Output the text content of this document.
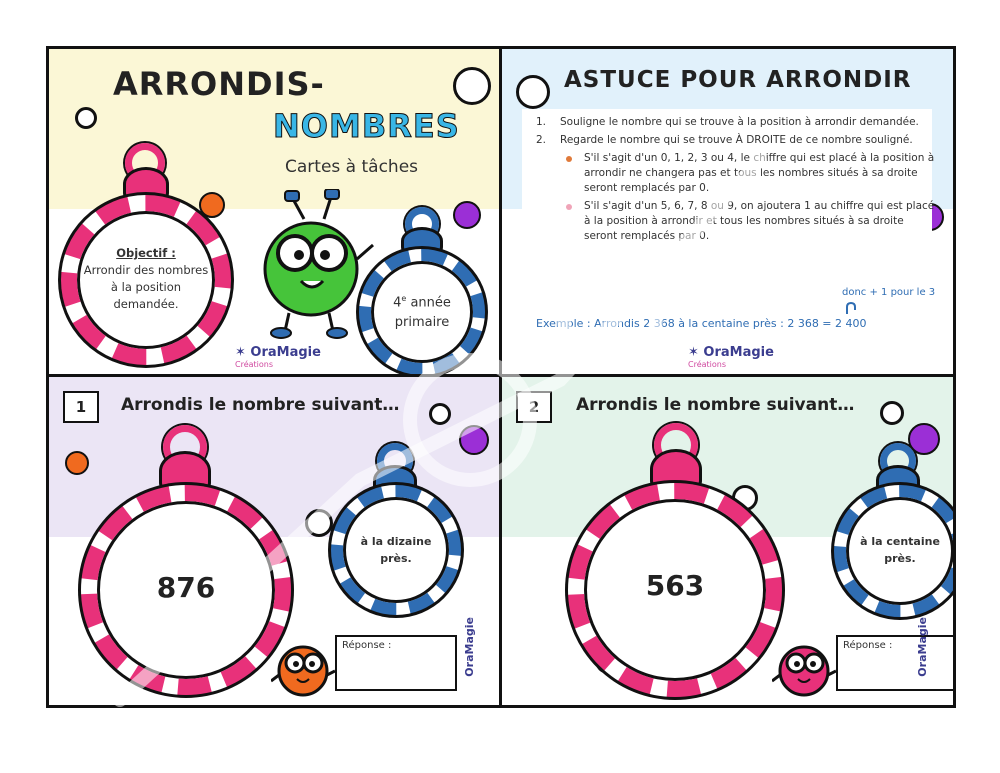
ARRONDIS-
NOMBRES
Cartes à tâches
Objectif :
Arrondir des nombres à la position demandée.	4e année
primaire
✶ OraMagie
Créations
ASTUCE POUR ARRONDIR
1. Souligne le nombre qui se trouve à la position à arrondir demandée.
2. Regarde le nombre qui se trouve À DROITE de ce nombre souligné.
S'il s'agit d'un 0, 1, 2, 3 ou 4, le chiffre qui est placé à la position à arrondir ne changera pas et tous les nombres situés à sa droite seront remplacés par 0.
S'il s'agit d'un 5, 6, 7, 8 ou 9, on ajoutera 1 au chiffre qui est placé à la position à arrondir et tous les nombres situés à sa droite seront remplacés par 0.
donc + 1 pour le 3
Exemple : Arrondis 2 368 à la centaine près : 2 368 = 2 400
✶ OraMagie
Créations
1	Arrondis le nombre suivant…
876
à la dizaine près.
Réponse :	OraMagie
2	Arrondis le nombre suivant…
563
à la centaine près.
Réponse :	OraMagie
